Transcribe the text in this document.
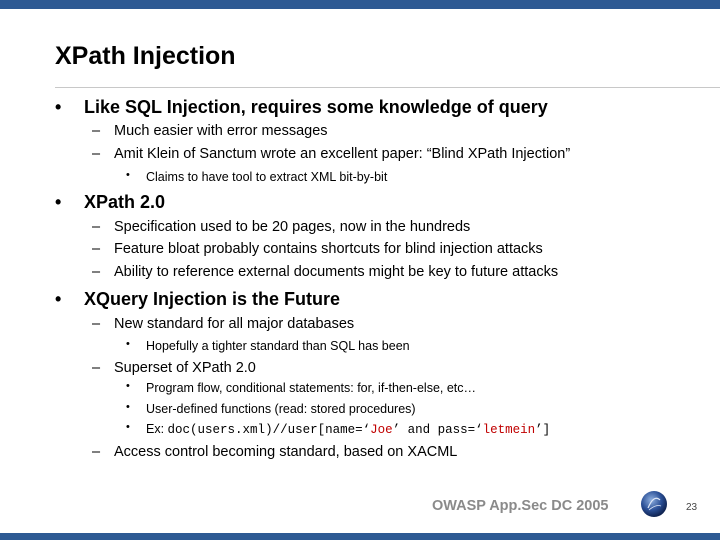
XPath Injection
• Like SQL Injection, requires some knowledge of query
– Much easier with error messages
– Amit Klein of Sanctum wrote an excellent paper: “Blind XPath Injection”
• Claims to have tool to extract XML bit-by-bit
• XPath 2.0
– Specification used to be 20 pages, now in the hundreds
– Feature bloat probably contains shortcuts for blind injection attacks
– Ability to reference external documents might be key to future attacks
• XQuery Injection is the Future
– New standard for all major databases
• Hopefully a tighter standard than SQL has been
– Superset of XPath 2.0
• Program flow, conditional statements: for, if-then-else, etc…
• User-defined functions (read: stored procedures)
• Ex: doc(users.xml)//user[name=‘Joe’ and pass=‘letmein’]
– Access control becoming standard, based on XACML
OWASP App.Sec DC 2005	23
